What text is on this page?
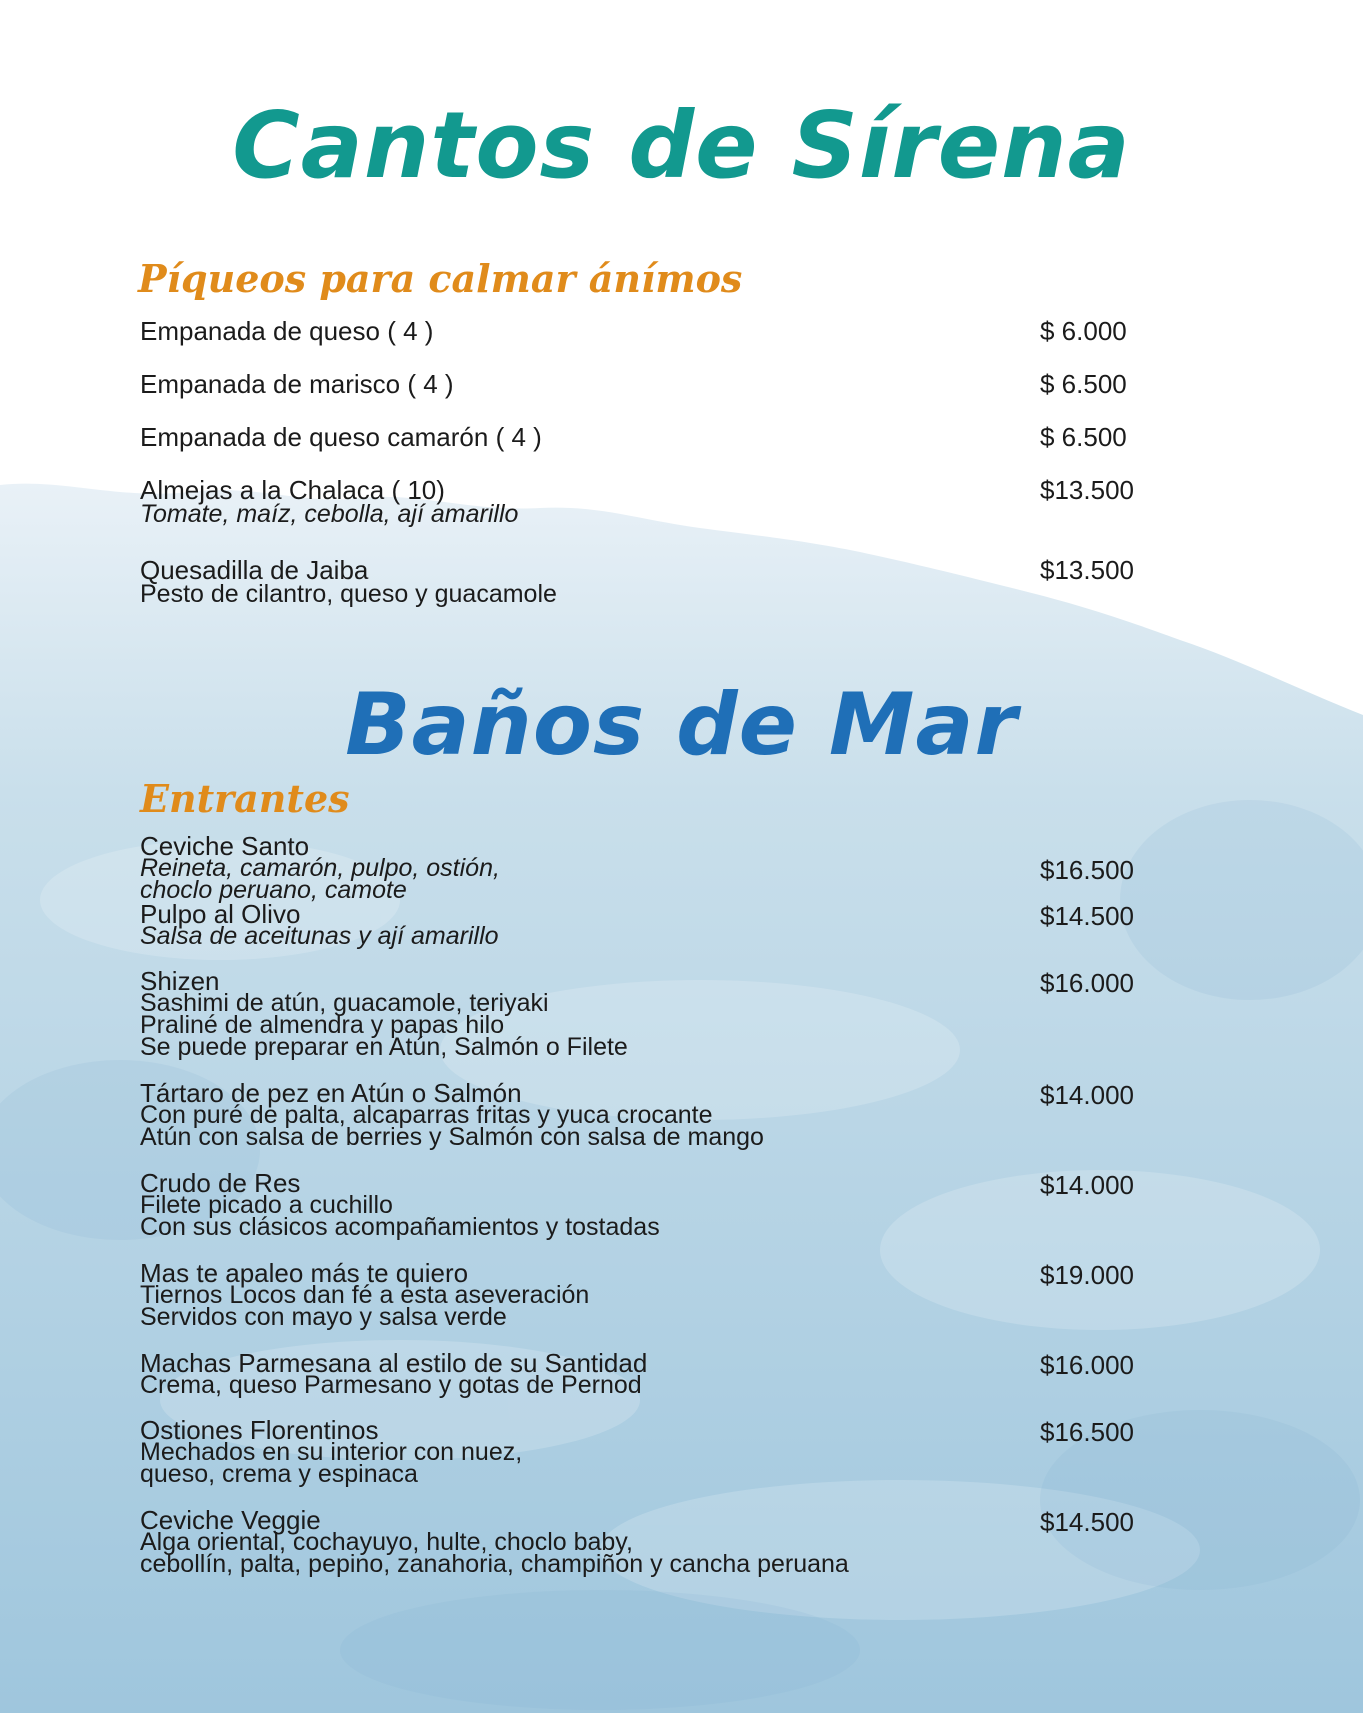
Cantos de Sírena
Píqueos para calmar ánímos
Empanada de queso ( 4 )	$ 6.000
Empanada de marisco ( 4 )	$ 6.500
Empanada de queso camarón ( 4 )	$ 6.500
Almejas a la Chalaca ( 10)
Tomate, maíz, cebolla, ají amarillo
$13.500
Quesadilla de Jaiba
Pesto de cilantro, queso y guacamole
$13.500
Baños de Mar
Entrantes
Ceviche Santo
Reineta, camarón, pulpo, ostión,
choclo peruano, camote
$16.500
Pulpo al Olivo
Salsa de aceitunas y ají amarillo
$14.500
Shizen
Sashimi de atún, guacamole, teriyaki
Praliné de almendra y papas hilo
Se puede preparar en Atún, Salmón o Filete
$16.000
Tártaro de pez en Atún o Salmón
Con puré de palta, alcaparras fritas y yuca crocante
Atún con salsa de berries y Salmón con salsa de mango
$14.000
Crudo de Res
Filete picado a cuchillo
Con sus clásicos acompañamientos y tostadas
$14.000
Mas te apaleo más te quiero
Tiernos Locos dan fé a esta aseveración
Servidos con mayo y salsa verde
$19.000
Machas Parmesana al estilo de su Santidad
Crema, queso Parmesano y gotas de Pernod
$16.000
Ostiones Florentinos
Mechados en su interior con nuez,
queso, crema y espinaca
$16.500
Ceviche Veggie
Alga oriental, cochayuyo, hulte, choclo baby,
cebollín, palta, pepino, zanahoria, champiñon y cancha peruana
$14.500
